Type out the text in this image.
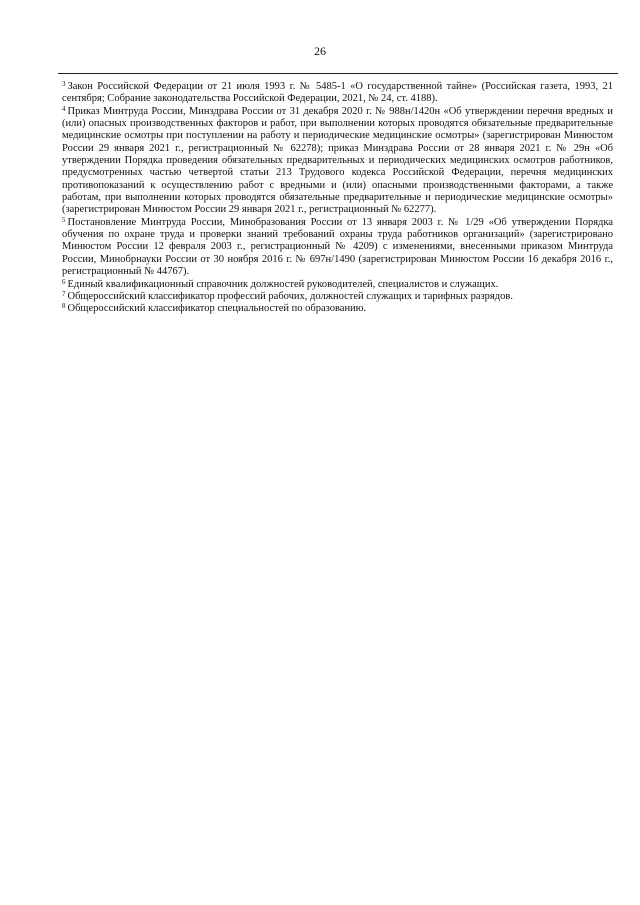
26

$^3$ Закон Российской Федерации от 21 июля 1993 г. № 5485-1 «О государственной тайне» (Российская газета, 1993, 21 сентября; Собрание законодательства Российской Федерации, 2021, № 24, ст. 4188).

$^4$ Приказ Минтруда России, Минздрава России от 31 декабря 2020 г. № 988н/1420н «Об утверждении перечня вредных и (или) опасных производственных факторов и работ, при выполнении которых проводятся обязательные предварительные медицинские осмотры при поступлении на работу и периодические медицинские осмотры» (зарегистрирован Минюстом России 29 января 2021 г., регистрационный № 62278); приказ Минздрава России от 28 января 2021 г. № 29н «Об утверждении Порядка проведения обязательных предварительных и периодических медицинских осмотров работников, предусмотренных частью четвертой статьи 213 Трудового кодекса Российской Федерации, перечня медицинских противопоказаний к осуществлению работ с вредными и (или) опасными производственными факторами, а также работам, при выполнении которых проводятся обязательные предварительные и периодические медицинские осмотры» (зарегистрирован Минюстом России 29 января 2021 г., регистрационный № 62277).

$^5$ Постановление Минтруда России, Минобразования России от 13 января 2003 г. № 1/29 «Об утверждении Порядка обучения по охране труда и проверки знаний требований охраны труда работников организаций» (зарегистрировано Минюстом России 12 февраля 2003 г., регистрационный № 4209) с изменениями, внесенными приказом Минтруда России, Минобрнауки России от 30 ноября 2016 г. № 697н/1490 (зарегистрирован Минюстом России 16 декабря 2016 г., регистрационный № 44767).

$^6$ Единый квалификационный справочник должностей руководителей, специалистов и служащих.

$^7$ Общероссийский классификатор профессий рабочих, должностей служащих и тарифных разрядов.

$^8$ Общероссийский классификатор специальностей по образованию.
